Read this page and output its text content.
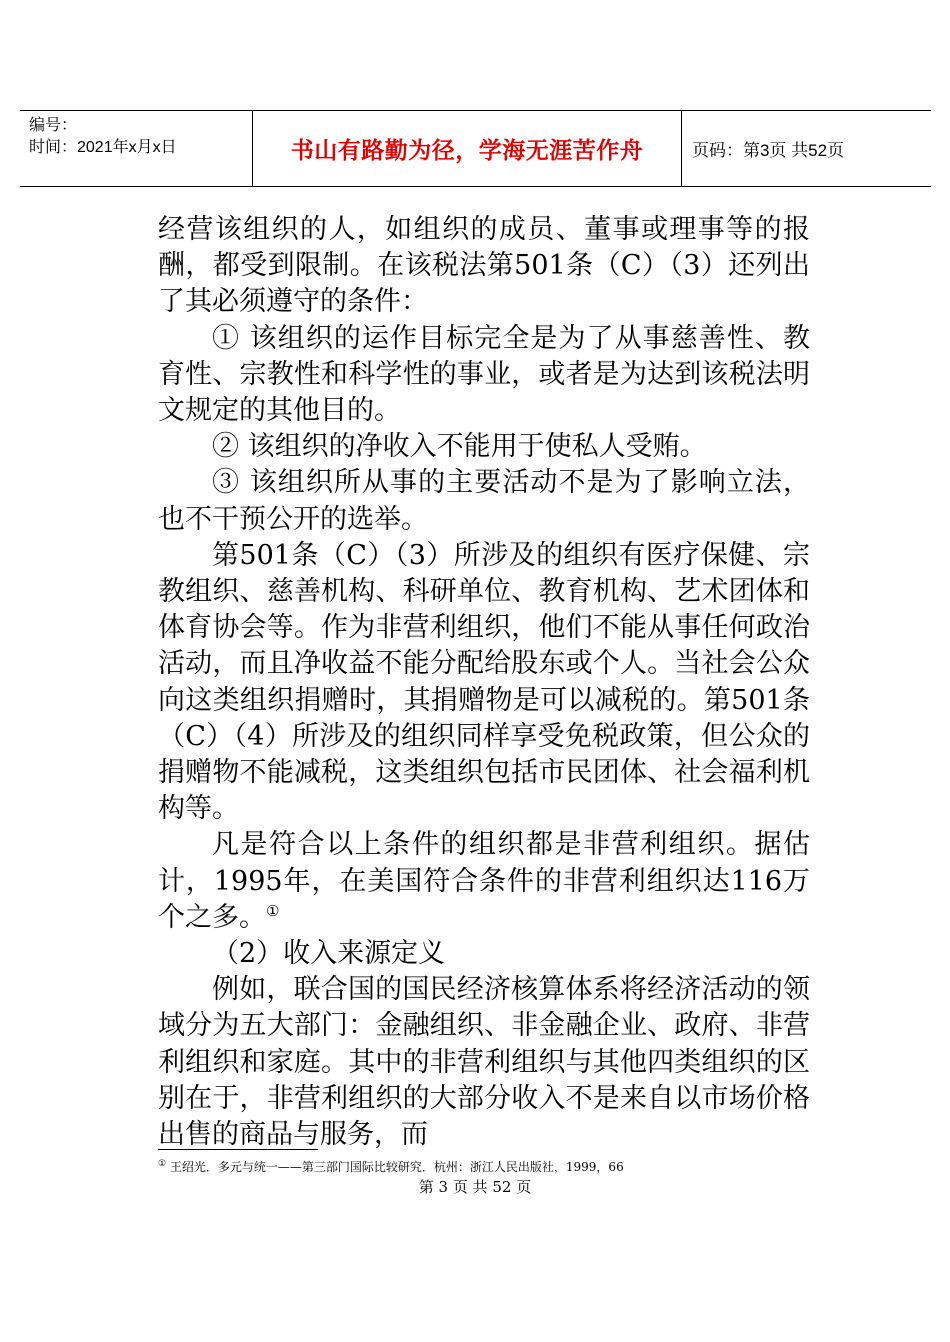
编号：
时间：2021年x月x日	书山有路勤为径，学海无涯苦作舟	页码：第3页 共52页

经营该组织的人，如组织的成员、董事或理事等的报酬，都受到限制。在该税法第501条（C）（3）还列出了其必须遵守的条件：

① 该组织的运作目标完全是为了从事慈善性、教育性、宗教性和科学性的事业，或者是为达到该税法明文规定的其他目的。

② 该组织的净收入不能用于使私人受贿。

③ 该组织所从事的主要活动不是为了影响立法，也不干预公开的选举。

第501条（C）（3）所涉及的组织有医疗保健、宗教组织、慈善机构、科研单位、教育机构、艺术团体和体育协会等。作为非营利组织，他们不能从事任何政治活动，而且净收益不能分配给股东或个人。当社会公众向这类组织捐赠时，其捐赠物是可以减税的。第501条（C）（4）所涉及的组织同样享受免税政策，但公众的捐赠物不能减税，这类组织包括市民团体、社会福利机构等。

凡是符合以上条件的组织都是非营利组织。据估计，1995年，在美国符合条件的非营利组织达116万个之多。①

（2）收入来源定义

例如，联合国的国民经济核算体系将经济活动的领域分为五大部门：金融组织、非金融企业、政府、非营利组织和家庭。其中的非营利组织与其他四类组织的区别在于，非营利组织的大部分收入不是来自以市场价格出售的商品与服务，而

① 王绍光．多元与统一——第三部门国际比较研究．杭州：浙江人民出版社，1999，66
第 3 页 共 52 页
